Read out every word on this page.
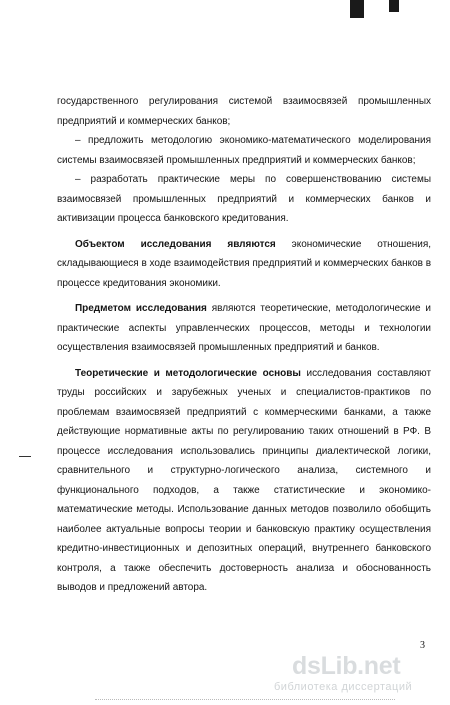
государственного регулирования системой взаимосвязей промышленных предприятий и коммерческих банков;

– предложить методологию экономико-математического моделирования системы взаимосвязей промышленных предприятий и коммерческих банков;

– разработать практические меры по совершенствованию системы взаимосвязей промышленных предприятий и коммерческих банков и активизации процесса банковского кредитования.

Объектом исследования являются экономические отношения, складывающиеся в ходе взаимодействия предприятий и коммерческих банков в процессе кредитования экономики.

Предметом исследования являются теоретические, методологические и практические аспекты управленческих процессов, методы и технологии осуществления взаимосвязей промышленных предприятий и банков.

Теоретические и методологические основы исследования составляют труды российских и зарубежных ученых и специалистов-практиков по проблемам взаимосвязей предприятий с коммерческими банками, а также действующие нормативные акты по регулированию таких отношений в РФ. В процессе исследования использовались принципы диалектической логики, сравнительного и структурно-логического анализа, системного и функционального подходов, а также статистические и экономико-математические методы. Использование данных методов позволило обобщить наиболее актуальные вопросы теории и банковскую практику осуществления кредитно-инвестиционных и депозитных операций, внутреннего банковского контроля, а также обеспечить достоверность анализа и обоснованность выводов и предложений автора.

3
dsLib.net
библиотека диссертаций
